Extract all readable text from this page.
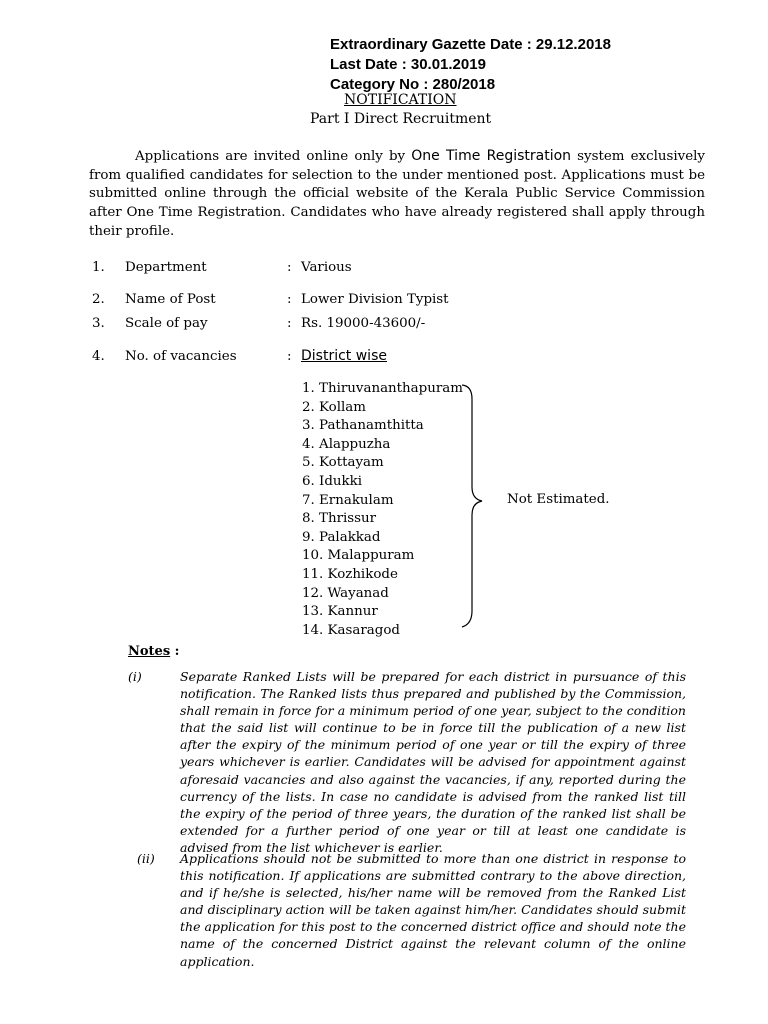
Extraordinary Gazette Date : 29.12.2018
Last Date : 30.01.2019
Category No : 280/2018
NOTIFICATION
Part I Direct Recruitment

Applications are invited online only by One Time Registration system exclusively from qualified candidates for selection to the under mentioned post. Applications must be submitted online through the official website of the Kerala Public Service Commission after One Time Registration. Candidates who have already registered shall apply through their profile.

1. Department	: Various
2. Name of Post	: Lower Division Typist
3. Scale of pay	: Rs. 19000-43600/-
4. No. of vacancies	: District wise
1. Thiruvananthapuram
2. Kollam
3. Pathanamthitta
4. Alappuzha
5. Kottayam
6. Idukki
7. Ernakulam
8. Thrissur
9. Palakkad
10. Malappuram
11. Kozhikode
12. Wayanad
13. Kannur
14. Kasaragod
Not Estimated.
Notes :
(i)	Separate Ranked Lists will be prepared for each district in pursuance of this notification. The Ranked lists thus prepared and published by the Commission, shall remain in force for a minimum period of one year, subject to the condition that the said list will continue to be in force till the publication of a new list after the expiry of the minimum period of one year or till the expiry of three years whichever is earlier. Candidates will be advised for appointment against aforesaid vacancies and also against the vacancies, if any, reported during the currency of the lists. In case no candidate is advised from the ranked list till the expiry of the period of three years, the duration of the ranked list shall be extended for a further period of one year or till at least one candidate is advised from the list whichever is earlier.
(ii) Applications should not be submitted to more than one district in response to this notification. If applications are submitted contrary to the above direction, and if he/she is selected, his/her name will be removed from the Ranked List and disciplinary action will be taken against him/her. Candidates should submit the application for this post to the concerned district office and should note the name of the concerned District against the relevant column of the online application.
